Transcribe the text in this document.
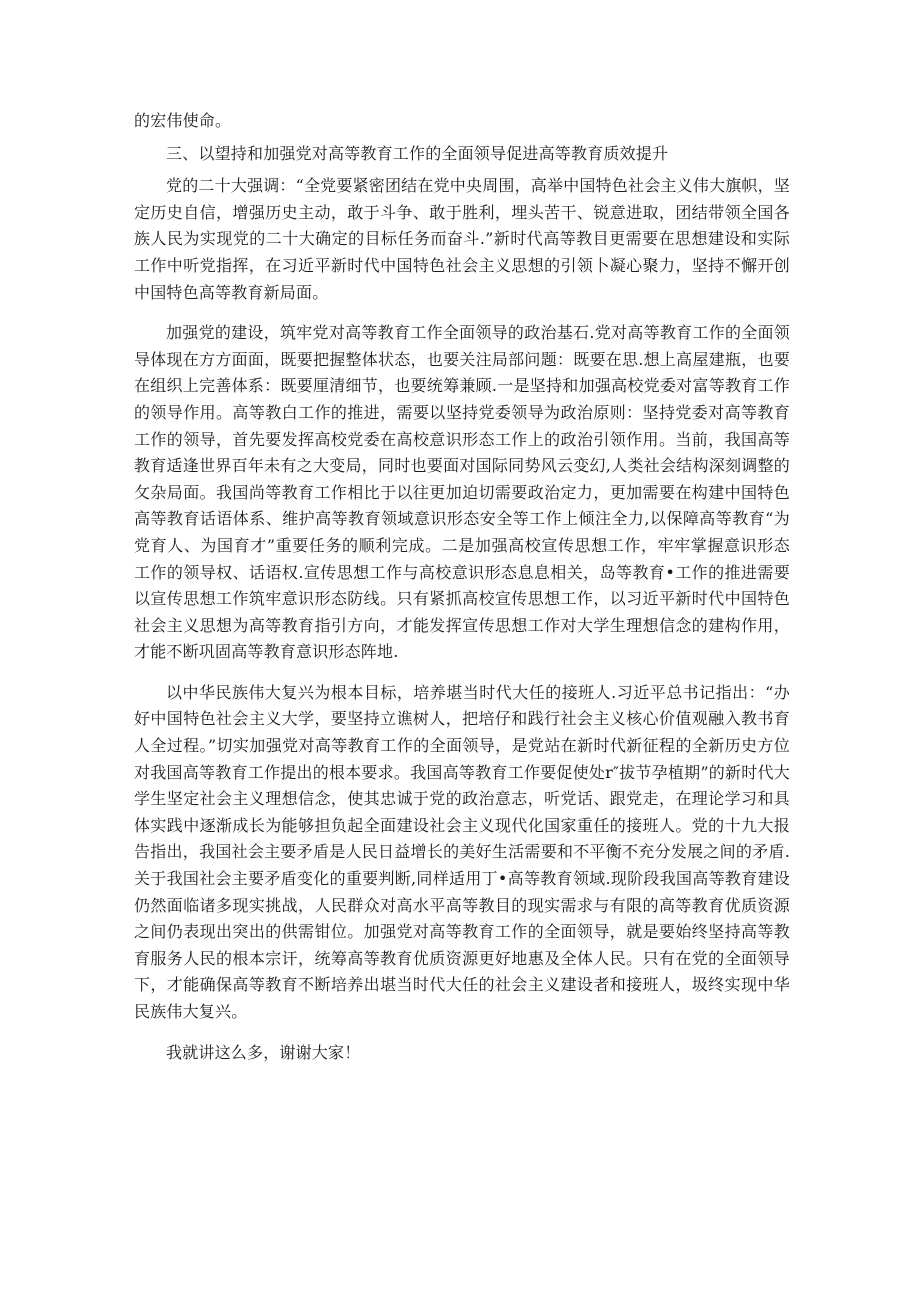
的宏伟使命。

三、以望持和加强党对高等教育工作的全面领导促进高等教育质效提升

党的二十大强调：“全党要紧密团结在党中央周围，高举中国特色社会主义伟大旗帜，坚定历史自信，增强历史主动，敢于斗争、敢于胜利，埋头苦干、锐意进取，团结带领全国各族人民为实现党的二十大确定的目标任务而奋斗.”新时代高等教目更需要在思想建设和实际工作中听党指挥，在习近平新时代中国特色社会主义思想的引领卜凝心聚力，坚持不懈开创中国特色高等教育新局面。

加强党的建设，筑牢党对高等教育工作全面领导的政治基石.党对高等教育工作的全面领导体现在方方面面，既要把握整体状态，也要关注局部问题：既要在思.想上高屋建瓶，也要在组织上完善体系：既要厘清细节，也要统筹兼顾.一是坚持和加强高校党委对富等教育工作的领导作用。高等教白工作的推进，需要以坚持党委领导为政治原则：坚持党委对高等教育工作的领导，首先要发挥高校党委在高校意识形态工作上的政治引领作用。当前，我国高等教育适逢世界百年未有之大变局，同时也要面对国际同势风云变幻,人类社会结构深刻调整的攵杂局面。我国尚等教育工作相比于以往更加迫切需要政治定力，更加需要在构建中国特色高等教育话语体系、维护高等教育领域意识形态安全等工作上倾注全力,以保障高等教育“为党育人、为国育才”重要任务的顺利完成。二是加强高校宣传思想工作，牢牢掌握意识形态工作的领导权、话语权.宣传思想工作与高校意识形态息息相关，岛等教育•工作的推进需要以宣传思想工作筑牢意识形态防线。只有紧抓高校宣传思想工作，以习近平新时代中国特色社会主义思想为高等教育指引方向，才能发挥宣传思想工作对大学生理想信念的建构作用，才能不断巩固高等教育意识形态阵地.

以中华民族伟大复兴为根本目标，培养堪当时代大任的接班人.习近平总书记指出：“办好中国特色社会主义大学，要坚持立谯树人，把培仔和践行社会主义核心价值观融入教书育人全过程。”切实加强党对高等教育工作的全面领导，是党站在新时代新征程的全新历史方位对我国高等教育工作提出的根本要求。我国高等教育工作要促使处r″拔节孕植期”的新时代大学生坚定社会主义理想信念，使其忠诚于党的政治意志，听党话、跟党走，在理论学习和具体实践中逐渐成长为能够担负起全面建设社会主义现代化国家重任的接班人。党的十九大报告指出，我国社会主要矛盾是人民日益增长的美好生活需要和不平衡不充分发展之间的矛盾.关于我国社会主要矛盾变化的重要判断,同样适用丁•高等教育领域.现阶段我国高等教育建设仍然面临诸多现实挑战，人民群众对高水平高等教目的现实需求与有限的高等教育优质资源之间仍表现出突出的供需钳位。加强党对高等教育工作的全面领导，就是要始终坚持高等教育服务人民的根本宗讦，统筹高等教育优质资源更好地惠及全体人民。只有在党的全面领导下，才能确保高等教育不断培养出堪当时代大任的社会主义建设者和接班人，圾终实现中华民族伟大复兴。

我就讲这么多，谢谢大家！
